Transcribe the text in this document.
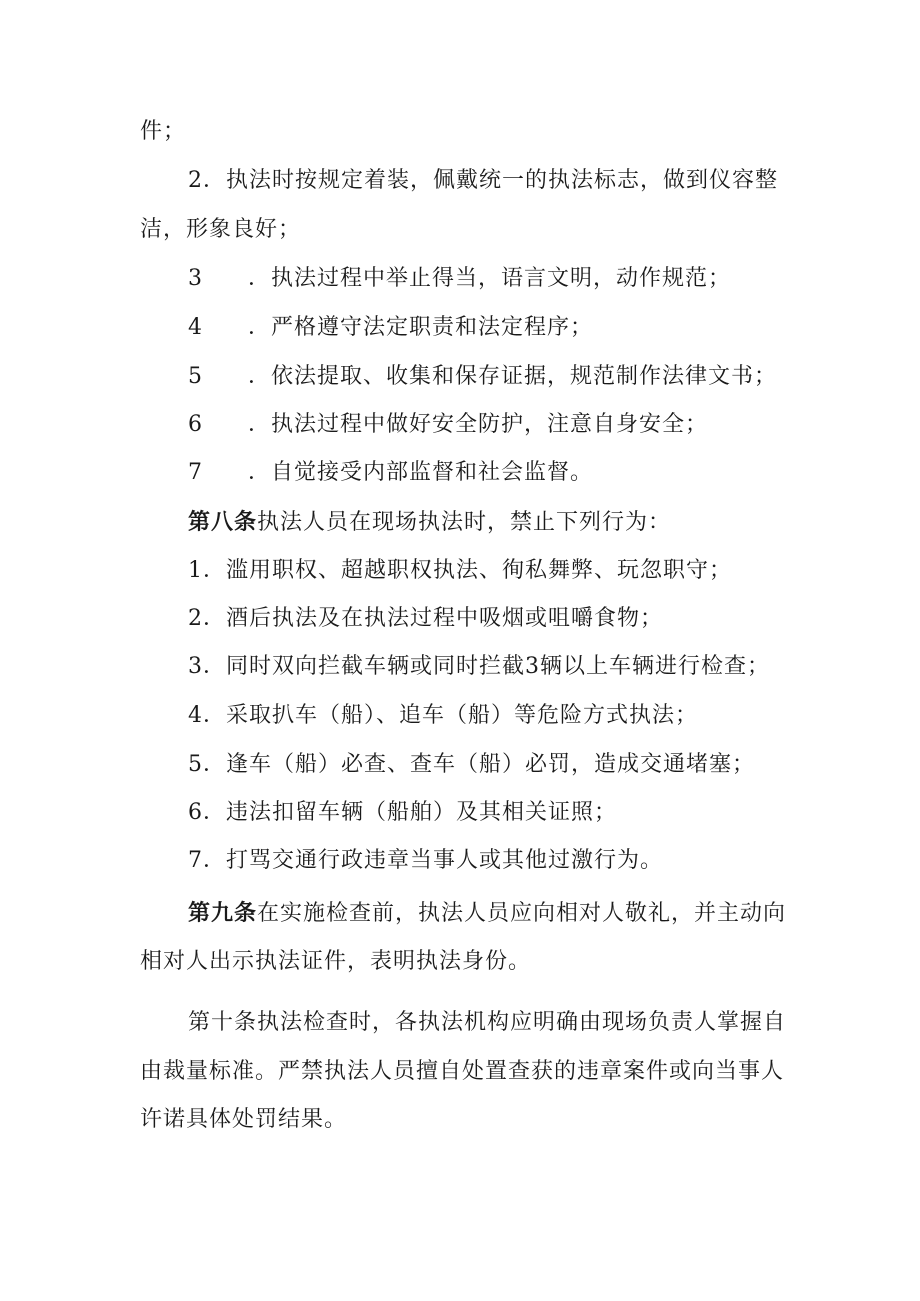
件；
2．执法时按规定着装，佩戴统一的执法标志，做到仪容整
洁，形象良好；
3 ．执法过程中举止得当，语言文明，动作规范；
4 ．严格遵守法定职责和法定程序；
5 ．依法提取、收集和保存证据，规范制作法律文书；
6 ．执法过程中做好安全防护，注意自身安全；
7 ．自觉接受内部监督和社会监督。
第八条执法人员在现场执法时，禁止下列行为：
1．滥用职权、超越职权执法、徇私舞弊、玩忽职守；
2．酒后执法及在执法过程中吸烟或咀嚼食物；
3．同时双向拦截车辆或同时拦截3辆以上车辆进行检查；
4．采取扒车（船）、追车（船）等危险方式执法；
5．逢车（船）必查、查车（船）必罚，造成交通堵塞；
6．违法扣留车辆（船舶）及其相关证照；
7．打骂交通行政违章当事人或其他过激行为。
第九条在实施检查前，执法人员应向相对人敬礼，并主动向
相对人出示执法证件，表明执法身份。
第十条执法检查时，各执法机构应明确由现场负责人掌握自
由裁量标准。严禁执法人员擅自处置查获的违章案件或向当事人
许诺具体处罚结果。
